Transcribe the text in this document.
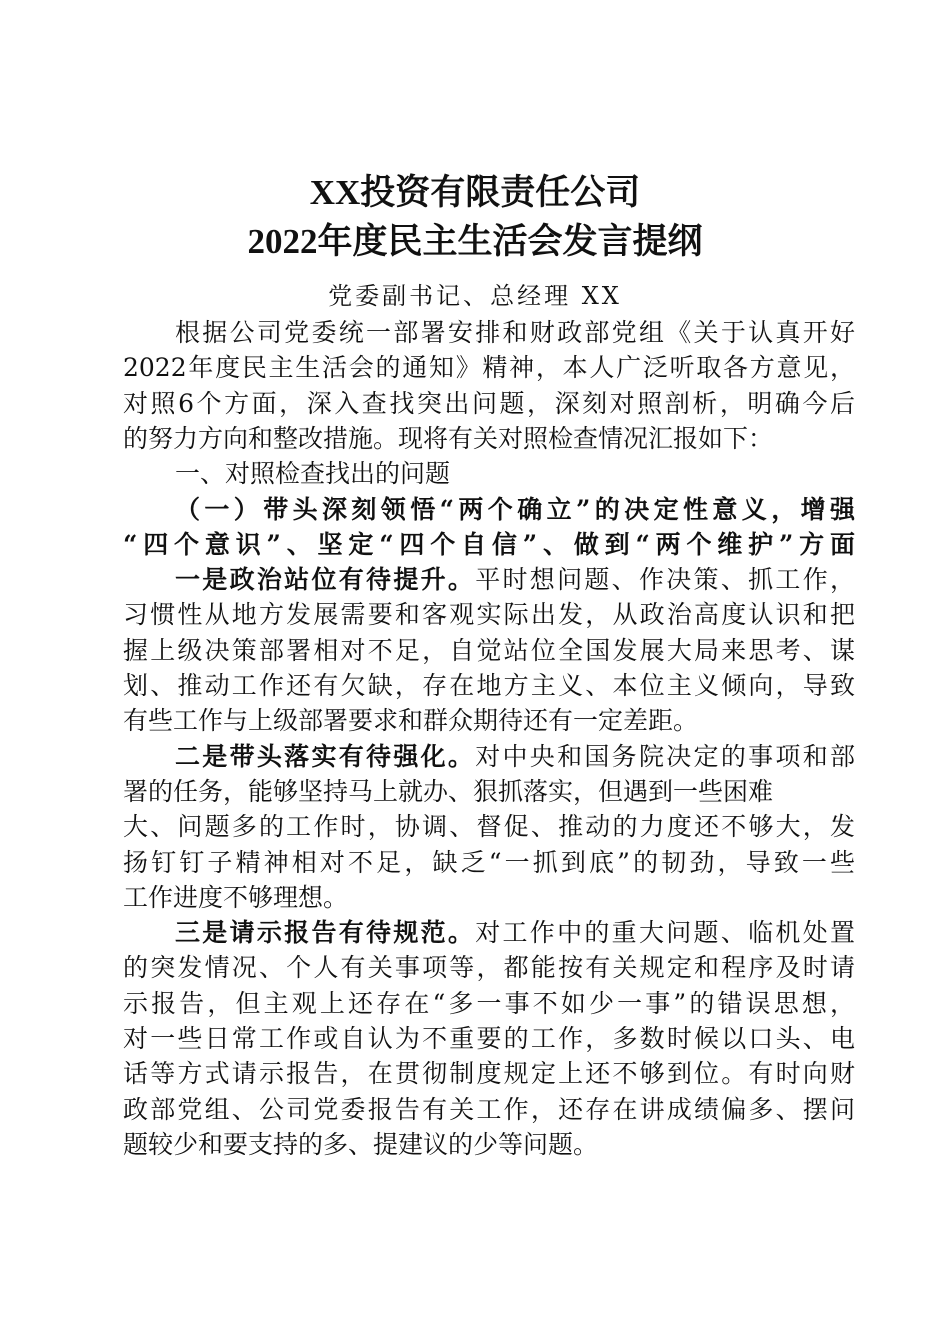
XX投资有限责任公司
2022年度民主生活会发言提纲
党委副书记、总经理 XX
根据公司党委统一部署安排和财政部党组《关于认真开好
2022年度民主生活会的通知》精神，本人广泛听取各方意见，
对照6个方面，深入查找突出问题，深刻对照剖析，明确今后
的努力方向和整改措施。现将有关对照检查情况汇报如下：
一、对照检查找出的问题
（一）带头深刻领悟“两个确立”的决定性意义，增强
“四个意识”、坚定“四个自信”、做到“两个维护”方面
一是政治站位有待提升。平时想问题、作决策、抓工作，
习惯性从地方发展需要和客观实际出发，从政治高度认识和把
握上级决策部署相对不足，自觉站位全国发展大局来思考、谋
划、推动工作还有欠缺，存在地方主义、本位主义倾向，导致
有些工作与上级部署要求和群众期待还有一定差距。
二是带头落实有待强化。对中央和国务院决定的事项和部
署的任务，能够坚持马上就办、狠抓落实，但遇到一些困难
大、问题多的工作时，协调、督促、推动的力度还不够大，发
扬钉钉子精神相对不足，缺乏“一抓到底”的韧劲，导致一些
工作进度不够理想。
三是请示报告有待规范。对工作中的重大问题、临机处置
的突发情况、个人有关事项等，都能按有关规定和程序及时请
示报告，但主观上还存在“多一事不如少一事”的错误思想，
对一些日常工作或自认为不重要的工作，多数时候以口头、电
话等方式请示报告，在贯彻制度规定上还不够到位。有时向财
政部党组、公司党委报告有关工作，还存在讲成绩偏多、摆问
题较少和要支持的多、提建议的少等问题。
